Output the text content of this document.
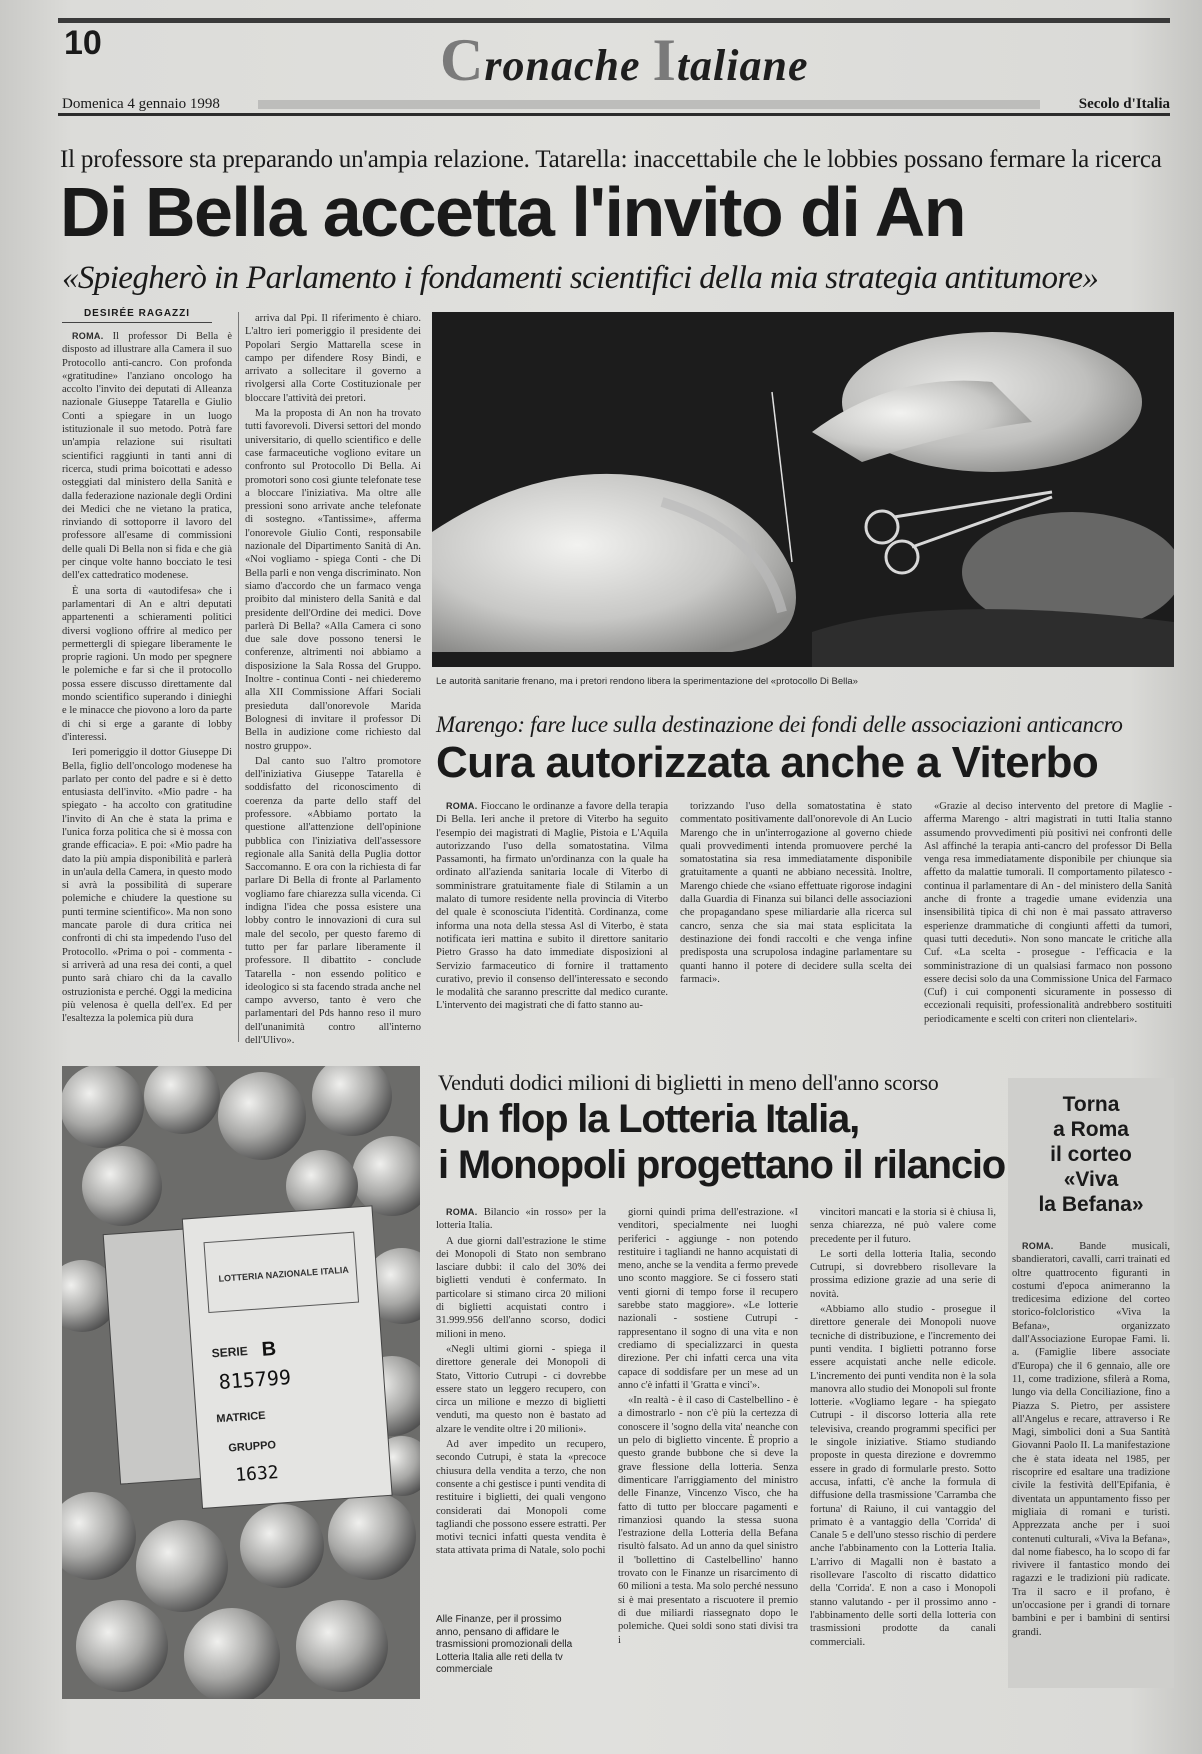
10	Cronache Italiane
Domenica 4 gennaio 1998	Secolo d'Italia
Il professore sta preparando un'ampia relazione. Tatarella: inaccettabile che le lobbies possano fermare la ricerca
Di Bella accetta l'invito di An
«Spiegherò in Parlamento i fondamenti scientifici della mia strategia antitumore»
DESIRÉE RAGAZZI

ROMA. Il professor Di Bella è disposto ad illustrare alla Camera il suo Protocollo anti-cancro. Con profonda «gratitudine» l'anziano oncologo ha accolto l'invito dei deputati di Alleanza nazionale Giuseppe Tatarella e Giulio Conti a spiegare in un luogo istituzionale il suo metodo. Potrà fare un'ampia relazione sui risultati scientifici raggiunti in tanti anni di ricerca, studi prima boicottati e adesso osteggiati dal ministero della Sanità e dalla federazione nazionale degli Ordini dei Medici che ne vietano la pratica, rinviando di sottoporre il lavoro del professore all'esame di commissioni delle quali Di Bella non si fida e che già per cinque volte hanno bocciato le tesi dell'ex cattedratico modenese.

È una sorta di «autodifesa» che i parlamentari di An e altri deputati appartenenti a schieramenti politici diversi vogliono offrire al medico per permettergli di spiegare liberamente le proprie ragioni. Un modo per spegnere le polemiche e far sì che il protocollo possa essere discusso direttamente dal mondo scientifico superando i dinieghi e le minacce che piovono a loro da parte di chi si erge a garante di lobby d'interessi.

Ieri pomeriggio il dottor Giuseppe Di Bella, figlio dell'oncologo modenese ha parlato per conto del padre e si è detto entusiasta dell'invito. «Mio padre - ha spiegato - ha accolto con gratitudine l'invito di An che è stata la prima e l'unica forza politica che si è mossa con grande efficacia». E poi: «Mio padre ha dato la più ampia disponibilità e parlerà in un'aula della Camera, in questo modo si avrà la possibilità di superare polemiche e chiudere la questione su punti termine scientifico». Ma non sono mancate parole di dura critica nei confronti di chi sta impedendo l'uso del Protocollo. «Prima o poi - commenta - si arriverà ad una resa dei conti, a quel punto sarà chiaro chi da la cavallo ostruzionista e perché. Oggi la medicina più velenosa è quella dell'ex. Ed per l'esaltezza la polemica più dura

arriva dal Ppi. Il riferimento è chiaro. L'altro ieri pomeriggio il presidente dei Popolari Sergio Mattarella scese in campo per difendere Rosy Bindi, e arrivato a sollecitare il governo a rivolgersi alla Corte Costituzionale per bloccare l'attività dei pretori.

Ma la proposta di An non ha trovato tutti favorevoli. Diversi settori del mondo universitario, di quello scientifico e delle case farmaceutiche vogliono evitare un confronto sul Protocollo Di Bella. Ai promotori sono così giunte telefonate tese a bloccare l'iniziativa. Ma oltre alle pressioni sono arrivate anche telefonate di sostegno. «Tantissime», afferma l'onorevole Giulio Conti, responsabile nazionale del Dipartimento Sanità di An. «Noi vogliamo - spiega Conti - che Di Bella parli e non venga discriminato. Non siamo d'accordo che un farmaco venga proibito dal ministero della Sanità e dal presidente dell'Ordine dei medici. Dove parlerà Di Bella? «Alla Camera ci sono due sale dove possono tenersi le conferenze, altrimenti noi abbiamo a disposizione la Sala Rossa del Gruppo. Inoltre - continua Conti - nei chiederemo alla XII Commissione Affari Sociali presieduta dall'onorevole Marida Bolognesi di invitare il professor Di Bella in audizione come richiesto dal nostro gruppo».

Dal canto suo l'altro promotore dell'iniziativa Giuseppe Tatarella è soddisfatto del riconoscimento di coerenza da parte dello staff del professore. «Abbiamo portato la questione all'attenzione dell'opinione pubblica con l'iniziativa dell'assessore regionale alla Sanità della Puglia dottor Saccomanno. E ora con la richiesta di far parlare Di Bella di fronte al Parlamento vogliamo fare chiarezza sulla vicenda. Ci indigna l'idea che possa esistere una lobby contro le innovazioni di cura sul male del secolo, per questo faremo di tutto per far parlare liberamente il professore. Il dibattito - conclude Tatarella - non essendo politico e ideologico si sta facendo strada anche nel campo avverso, tanto è vero che parlamentari del Pds hanno reso il muro dell'unanimità contro all'interno dell'Ulivo».

Le autorità sanitarie frenano, ma i pretori rendono libera la sperimentazione del «protocollo Di Bella»
Marengo: fare luce sulla destinazione dei fondi delle associazioni anticancro
Cura autorizzata anche a Viterbo

ROMA. Fioccano le ordinanze a favore della terapia Di Bella. Ieri anche il pretore di Viterbo ha seguito l'esempio dei magistrati di Maglie, Pistoia e L'Aquila autorizzando l'uso della somatostatina. Vilma Passamonti, ha firmato un'ordinanza con la quale ha ordinato all'azienda sanitaria locale di Viterbo di somministrare gratuitamente fiale di Stilamin a un malato di tumore residente nella provincia di Viterbo del quale è sconosciuta l'identità. Cordinanza, come informa una nota della stessa Asl di Viterbo, è stata notificata ieri mattina e subito il direttore sanitario Pietro Grasso ha dato immediate disposizioni al Servizio farmaceutico di fornire il trattamento curativo, previo il consenso dell'interessato e secondo le modalità che saranno prescritte dal medico curante. L'intervento dei magistrati che di fatto stanno au-

torizzando l'uso della somatostatina è stato commentato positivamente dall'onorevole di An Lucio Marengo che in un'interrogazione al governo chiede quali provvedimenti intenda promuovere perché la somatostatina sia resa immediatamente disponibile gratuitamente a quanti ne abbiano necessità. Inoltre, Marengo chiede che «siano effettuate rigorose indagini dalla Guardia di Finanza sui bilanci delle associazioni che propagandano spese miliardarie alla ricerca sul cancro, senza che sia mai stata esplicitata la destinazione dei fondi raccolti e che venga infine predisposta una scrupolosa indagine parlamentare su quanti hanno il potere di decidere sulla scelta dei farmaci».

«Grazie al deciso intervento del pretore di Maglie - afferma Marengo - altri magistrati in tutti Italia stanno assumendo provvedimenti più positivi nei confronti delle Asl affinché la terapia anti-cancro del professor Di Bella venga resa immediatamente disponibile per chiunque sia affetto da malattie tumorali. Il comportamento pilatesco - continua il parlamentare di An - del ministero della Sanità anche di fronte a tragedie umane evidenzia una insensibilità tipica di chi non è mai passato attraverso esperienze drammatiche di congiunti affetti da tumori, quasi tutti deceduti». Non sono mancate le critiche alla Cuf. «La scelta - prosegue - l'efficacia e la somministrazione di un qualsiasi farmaco non possono essere decisi solo da una Commissione Unica del Farmaco (Cuf) i cui componenti sicuramente in possesso di eccezionali requisiti, professionalità andrebbero sostituiti periodicamente e scelti con criteri non clientelari».

LOTTERIA NAZIONALE ITALIA
SERIE B
815799
MATRICE
GRUPPO
1632
Venduti dodici milioni di biglietti in meno dell'anno scorso
Un flop la Lotteria Italia,
i Monopoli progettano il rilancio

ROMA. Bilancio «in rosso» per la lotteria Italia.

A due giorni dall'estrazione le stime dei Monopoli di Stato non sembrano lasciare dubbi: il calo del 30% dei biglietti venduti è confermato. In particolare si stimano circa 20 milioni di biglietti acquistati contro i 31.999.956 dell'anno scorso, dodici milioni in meno.

«Negli ultimi giorni - spiega il direttore generale dei Monopoli di Stato, Vittorio Cutrupi - ci dovrebbe essere stato un leggero recupero, con circa un milione e mezzo di biglietti venduti, ma questo non è bastato ad alzare le vendite oltre i 20 milioni».

Ad aver impedito un recupero, secondo Cutrupi, è stata la «precoce chiusura della vendita a terzo, che non consente a chi gestisce i punti vendita di restituire i biglietti, dei quali vengono considerati dai Monopoli come tagliandi che possono essere estratti. Per motivi tecnici infatti questa vendita è stata attivata prima di Natale, solo pochi

Alle Finanze, per il prossimo anno, pensano di affidare le trasmissioni promozionali della Lotteria Italia alle reti della tv commerciale

giorni quindi prima dell'estrazione. «I venditori, specialmente nei luoghi periferici - aggiunge - non potendo restituire i tagliandi ne hanno acquistati di meno, anche se la vendita a fermo prevede uno sconto maggiore. Se ci fossero stati venti giorni di tempo forse il recupero sarebbe stato maggiore». «Le lotterie nazionali - sostiene Cutrupi - rappresentano il sogno di una vita e non crediamo di specializzarci in questa direzione. Per chi infatti cerca una vita capace di soddisfare per un mese ad un anno c'è infatti il 'Gratta e vinci'».

«In realtà - è il caso di Castelbellino - è a dimostrarlo - non c'è più la certezza di conoscere il 'sogno della vita' neanche con un pelo di biglietto vincente. È proprio a questo grande bubbone che si deve la grave flessione della lotteria. Senza dimenticare l'arriggiamento del ministro delle Finanze, Vincenzo Visco, che ha fatto di tutto per bloccare pagamenti e rimanziosi quando la stessa suona l'estrazione della Lotteria della Befana risultò falsato. Ad un anno da quel sinistro il 'bollettino di Castelbellino' hanno trovato con le Finanze un risarcimento di 60 milioni a testa. Ma solo perché nessuno si è mai presentato a riscuotere il premio di due miliardi riassegnato dopo le polemiche. Quei soldi sono stati divisi tra i

vincitori mancati e la storia si è chiusa lì, senza chiarezza, né può valere come precedente per il futuro.

Le sorti della lotteria Italia, secondo Cutrupi, si dovrebbero risollevare la prossima edizione grazie ad una serie di novità.

«Abbiamo allo studio - prosegue il direttore generale dei Monopoli nuove tecniche di distribuzione, e l'incremento dei punti vendita. I biglietti potranno forse essere acquistati anche nelle edicole. L'incremento dei punti vendita non è la sola manovra allo studio dei Monopoli sul fronte lotterie. «Vogliamo legare - ha spiegato Cutrupi - il discorso lotteria alla rete televisiva, creando programmi specifici per le singole iniziative. Stiamo studiando proposte in questa direzione e dovremmo essere in grado di formularle presto. Sotto accusa, infatti, c'è anche la formula di diffusione della trasmissione 'Carramba che fortuna' di Raiuno, il cui vantaggio del primato è a vantaggio della 'Corrida' di Canale 5 e dell'uno stesso rischio di perdere anche l'abbinamento con la Lotteria Italia. L'arrivo di Magalli non è bastato a risollevare l'ascolto di riscatto didattico della 'Corrida'. E non a caso i Monopoli stanno valutando - per il prossimo anno - l'abbinamento delle sorti della lotteria con trasmissioni prodotte da canali commerciali.

Torna
a Roma
il corteo
«Viva
la Befana»

ROMA. Bande musicali, sbandieratori, cavalli, carri trainati ed oltre quattrocento figuranti in costumi d'epoca animeranno la tredicesima edizione del corteo storico-folcloristico «Viva la Befana», organizzato dall'Associazione Europae Fami. li. a. (Famiglie libere associate d'Europa) che il 6 gennaio, alle ore 11, come tradizione, sfilerà a Roma, lungo via della Conciliazione, fino a Piazza S. Pietro, per assistere all'Angelus e recare, attraverso i Re Magi, simbolici doni a Sua Santità Giovanni Paolo II. La manifestazione che è stata ideata nel 1985, per riscoprire ed esaltare una tradizione civile la festività dell'Epifania, è diventata un appuntamento fisso per migliaia di romani e turisti. Apprezzata anche per i suoi contenuti culturali, «Viva la Befana», dal nome fiabesco, ha lo scopo di far rivivere il fantastico mondo dei ragazzi e le tradizioni più radicate. Tra il sacro e il profano, è un'occasione per i grandi di tornare bambini e per i bambini di sentirsi grandi.
